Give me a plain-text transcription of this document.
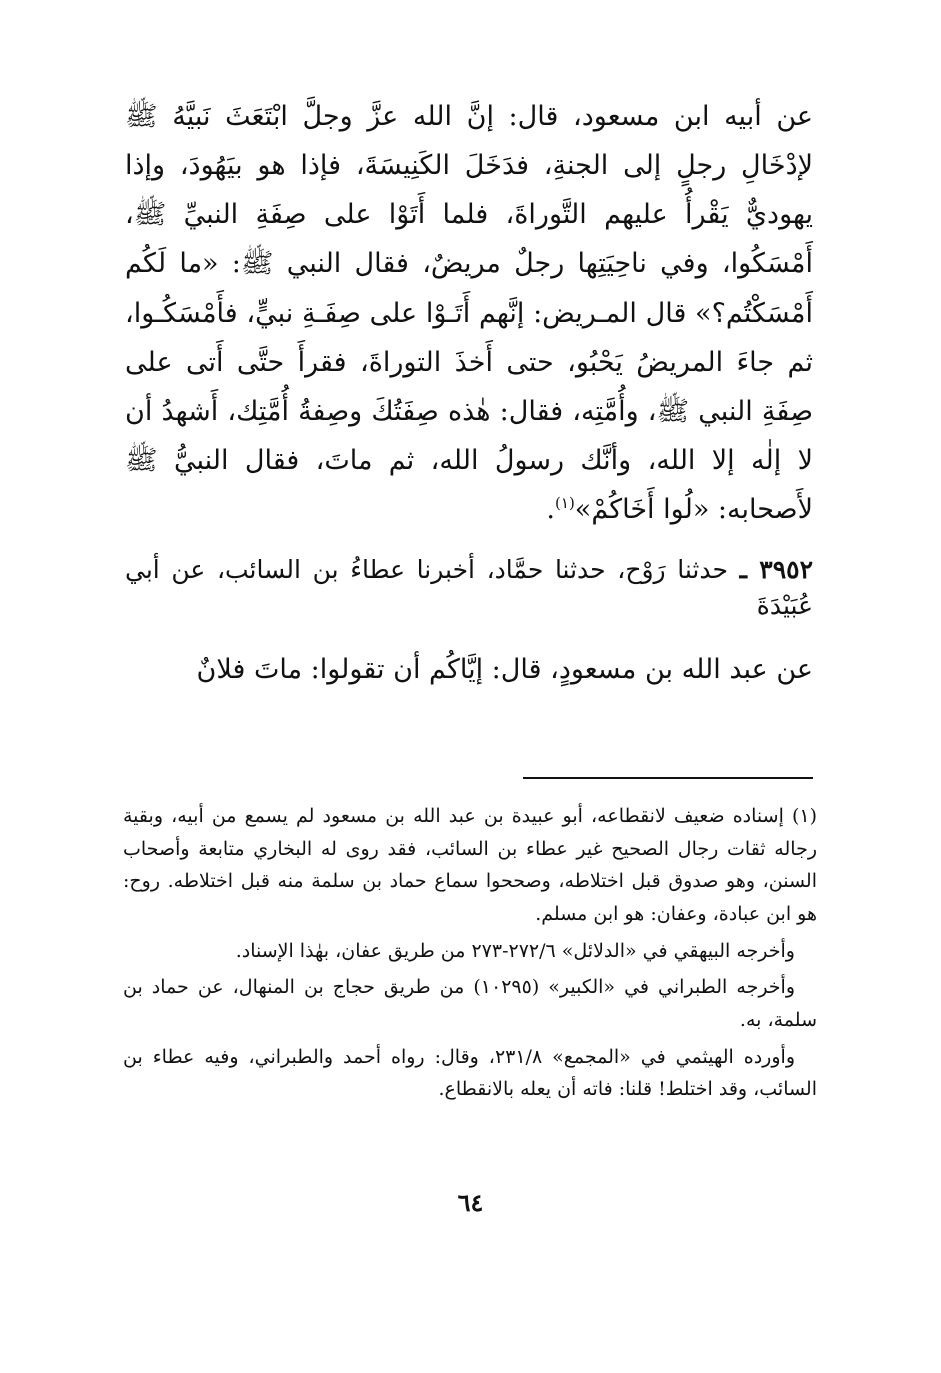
عن أبيه ابن مسعود، قال: إنَّ الله عزَّ وجلَّ ابْتَعَثَ نَبيَّهُ ﷺ لإدْخَالِ رجلٍ إلى الجنةِ، فدَخَلَ الكَنِيسَةَ، فإذا هو بيَهُودَ، وإذا يهوديٌّ يَقْرأُ عليهم التَّوراةَ، فلما أَتَوْا على صِفَةِ النبيِّ ﷺ، أَمْسَكُوا، وفي ناحِيَتِها رجلٌ مريضٌ، فقال النبي ﷺ: «ما لَكُم أَمْسَكْتُم؟» قال المـريض: إنَّهم أَتَـوْا على صِفَـةِ نبيٍّ، فأَمْسَكُـوا، ثم جاءَ المريضُ يَحْبُو، حتى أَخذَ التوراةَ، فقرأَ حتَّى أَتى على صِفَةِ النبي ﷺ، وأُمَّتِه، فقال: هٰذه صِفَتُكَ وصِفةُ أُمَّتِك، أَشهدُ أن لا إلٰه إلا الله، وأنَّك رسولُ الله، ثم ماتَ، فقال النبيُّ ﷺ لأَصحابه: «لُوا أَخَاكُمْ»$^{(١)}$.

٣٩٥٢ ـ حدثنا رَوْح، حدثنا حمَّاد، أخبرنا عطاءُ بن السائب، عن أبي عُبَيْدَةَ

عن عبد الله بن مسعودٍ، قال: إيَّاكُم أن تقولوا: ماتَ فلانٌ

(١) إسناده ضعيف لانقطاعه، أبو عبيدة بن عبد الله بن مسعود لم يسمع من أبيه، وبقية رجاله ثقات رجال الصحيح غير عطاء بن السائب، فقد روى له البخاري متابعة وأصحاب السنن، وهو صدوق قبل اختلاطه، وصححوا سماع حماد بن سلمة منه قبل اختلاطه. روح: هو ابن عبادة، وعفان: هو ابن مسلم.

وأخرجه البيهقي في «الدلائل» ٢٧٢/٦-٢٧٣ من طريق عفان، بهٰذا الإسناد.

وأخرجه الطبراني في «الكبير» (١٠٢٩٥) من طريق حجاج بن المنهال، عن حماد بن سلمة، به.

وأورده الهيثمي في «المجمع» ٢٣١/٨، وقال: رواه أحمد والطبراني، وفيه عطاء بن السائب، وقد اختلط! قلنا: فاته أن يعله بالانقطاع.

٦٤
